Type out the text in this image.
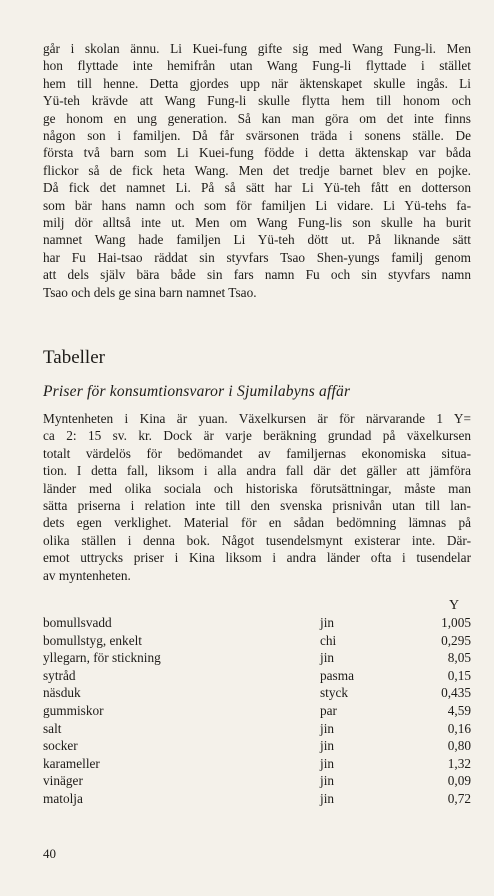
går i skolan ännu. Li Kuei-fung gifte sig med Wang Fung-li. Men
hon flyttade inte hemifrån utan Wang Fung-li flyttade i stället
hem till henne. Detta gjordes upp när äktenskapet skulle ingås. Li
Yü-teh krävde att Wang Fung-li skulle flytta hem till honom och
ge honom en ung generation. Så kan man göra om det inte finns
någon son i familjen. Då får svärsonen träda i sonens ställe. De
första två barn som Li Kuei-fung födde i detta äktenskap var båda
flickor så de fick heta Wang. Men det tredje barnet blev en pojke.
Då fick det namnet Li. På så sätt har Li Yü-teh fått en dotterson
som bär hans namn och som för familjen Li vidare. Li Yü-tehs fa-
milj dör alltså inte ut. Men om Wang Fung-lis son skulle ha burit
namnet Wang hade familjen Li Yü-teh dött ut. På liknande sätt
har Fu Hai-tsao räddat sin styvfars Tsao Shen-yungs familj genom
att dels själv bära både sin fars namn Fu och sin styvfars namn
Tsao och dels ge sina barn namnet Tsao.
Tabeller
Priser för konsumtionsvaror i Sjumilabyns affär
Myntenheten i Kina är yuan. Växelkursen är för närvarande 1 Y=
ca 2: 15 sv. kr. Dock är varje beräkning grundad på växelkursen
totalt värdelös för bedömandet av familjernas ekonomiska situa-
tion. I detta fall, liksom i alla andra fall där det gäller att jämföra
länder med olika sociala och historiska förutsättningar, måste man
sätta priserna i relation inte till den svenska prisnivån utan till lan-
dets egen verklighet. Material för en sådan bedömning lämnas på
olika ställen i denna bok. Något tusendelsmynt existerar inte. Där-
emot uttrycks priser i Kina liksom i andra länder ofta i tusendelar
av myntenheten.
Y
bomullsvadd	jin	1,005
bomullstyg, enkelt	chi	0,295
yllegarn, för stickning	jin	8,05
sytråd	pasma	0,15
näsduk	styck	0,435
gummiskor	par	4,59
salt	jin	0,16
socker	jin	0,80
karameller	jin	1,32
vinäger	jin	0,09
matolja	jin	0,72
40
